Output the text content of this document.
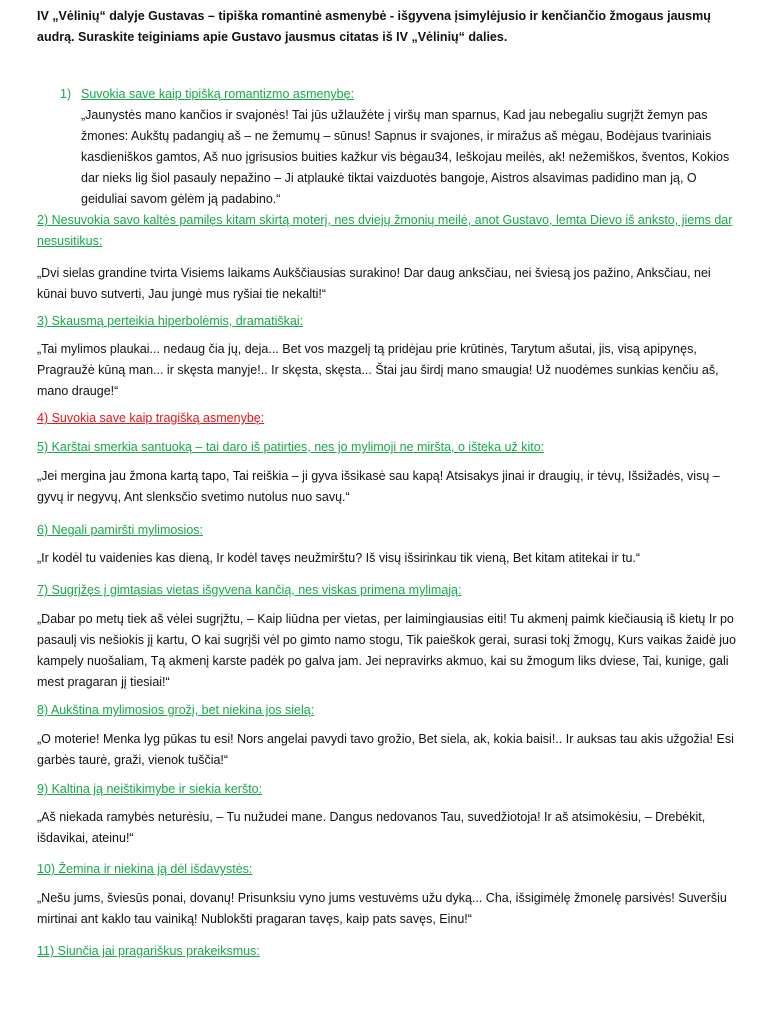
IV „Vėlinių“ dalyje Gustavas – tipiška romantinė asmenybė - išgyvena įsimylėjusio ir kenčiančio žmogaus jausmų audrą. Suraskite teiginiams apie Gustavo jausmus citatas iš IV „Vėlinių“ dalies.
1) Suvokia save kaip tipišką romantizmo asmenybę:
„Jaunystės mano kančios ir svajonės! Tai jūs užlaužėte į viršų man sparnus, Kad jau nebegaliu sugrįžt žemyn pas žmones: Aukštų padangių aš – ne žemumų – sūnus! Sapnus ir svajones, ir miražus aš mėgau, Bodėjaus tvariniais kasdieniškos gamtos, Aš nuo įgrisusios buities kažkur vis bėgau34, Ieškojau meilės, ak! nežemiškos, šventos, Kokios dar nieks lig šiol pasauly nepažino – Ji atplaukė tiktai vaizduotės bangoje, Aistros alsavimas padidino man ją, O geiduliai savom gėlėm ją padabino.“
2) Nesuvokia savo kaltės pamilęs kitam skirtą moterį, nes dviejų žmonių meilė, anot Gustavo, lemta Dievo iš anksto, jiems dar nesusitikus:
„Dvi sielas grandine tvirta Visiems laikams Aukščiausias surakino! Dar daug anksčiau, nei šviesą jos pažino, Anksčiau, nei kūnai buvo sutverti, Jau jungė mus ryšiai tie nekalti!“
3) Skausmą perteikia hiperbolėmis, dramatiškai:
„Tai mylimos plaukai... nedaug čia jų, deja... Bet vos mazgelį tą pridėjau prie krūtinės, Tarytum ašutai, jis, visą apipynęs, Pragraužė kūną man... ir skęsta manyje!.. Ir skęsta, skęsta... Štai jau širdį mano smaugia! Už nuodėmes sunkias kenčiu aš, mano drauge!“
4) Suvokia save kaip tragišką asmenybę:
5) Karštai smerkia santuoką – tai daro iš patirties, nes jo mylimoji ne miršta, o išteka už kito:
„Jei mergina jau žmona kartą tapo, Tai reiškia – ji gyva išsikasė sau kapą! Atsisakys jinai ir draugių, ir tėvų, Išsižadės, visų – gyvų ir negyvų, Ant slenksčio svetimo nutolus nuo savų.“
6) Negali pamiršti mylimosios:
„Ir kodėl tu vaidenies kas dieną, Ir kodėl tavęs neužmirštu? Iš visų išsirinkau tik vieną, Bet kitam atitekai ir tu.“
7) Sugrįžęs į gimtąsias vietas išgyvena kančią, nes viskas primena mylimąją:
„Dabar po metų tiek aš vėlei sugrįžtu, – Kaip liūdna per vietas, per laimingiausias eiti! Tu akmenį paimk kiečiausią iš kietų Ir po pasaulį vis nešiokis jį kartu, O kai sugrįši vėl po gimto namo stogu, Tik paieškok gerai, surasi tokį žmogų, Kurs vaikas žaidė juo kampely nuošaliam, Tą akmenį karste padėk po galva jam. Jei nepravirks akmuo, kai su žmogum liks dviese, Tai, kunige, gali mest pragaran jį tiesiai!“
8) Aukština mylimosios grožį, bet niekina jos sielą:
„O moterie! Menka lyg pūkas tu esi! Nors angelai pavydi tavo grožio, Bet siela, ak, kokia baisi!.. Ir auksas tau akis užgožia! Esi garbės taurė, graži, vienok tuščia!“
9) Kaltina ją neištikimybe ir siekia keršto:
„Aš niekada ramybės neturėsiu, – Tu nužudei mane. Dangus nedovanos Tau, suvedžiotoja! Ir aš atsimokėsiu, – Drebėkit, išdavikai, ateinu!“
10) Žemina ir niekina ją dėl išdavystės:
„Nešu jums, šviesūs ponai, dovanų! Prisunksiu vyno jums vestuvėms užu dyką... Cha, išsigimėlę žmonelę parsivės! Suveršiu mirtinai ant kaklo tau vainiką! Nublokšti pragaran tavęs, kaip pats savęs, Einu!“
11) Siunčia jai pragariškus prakeiksmus:
